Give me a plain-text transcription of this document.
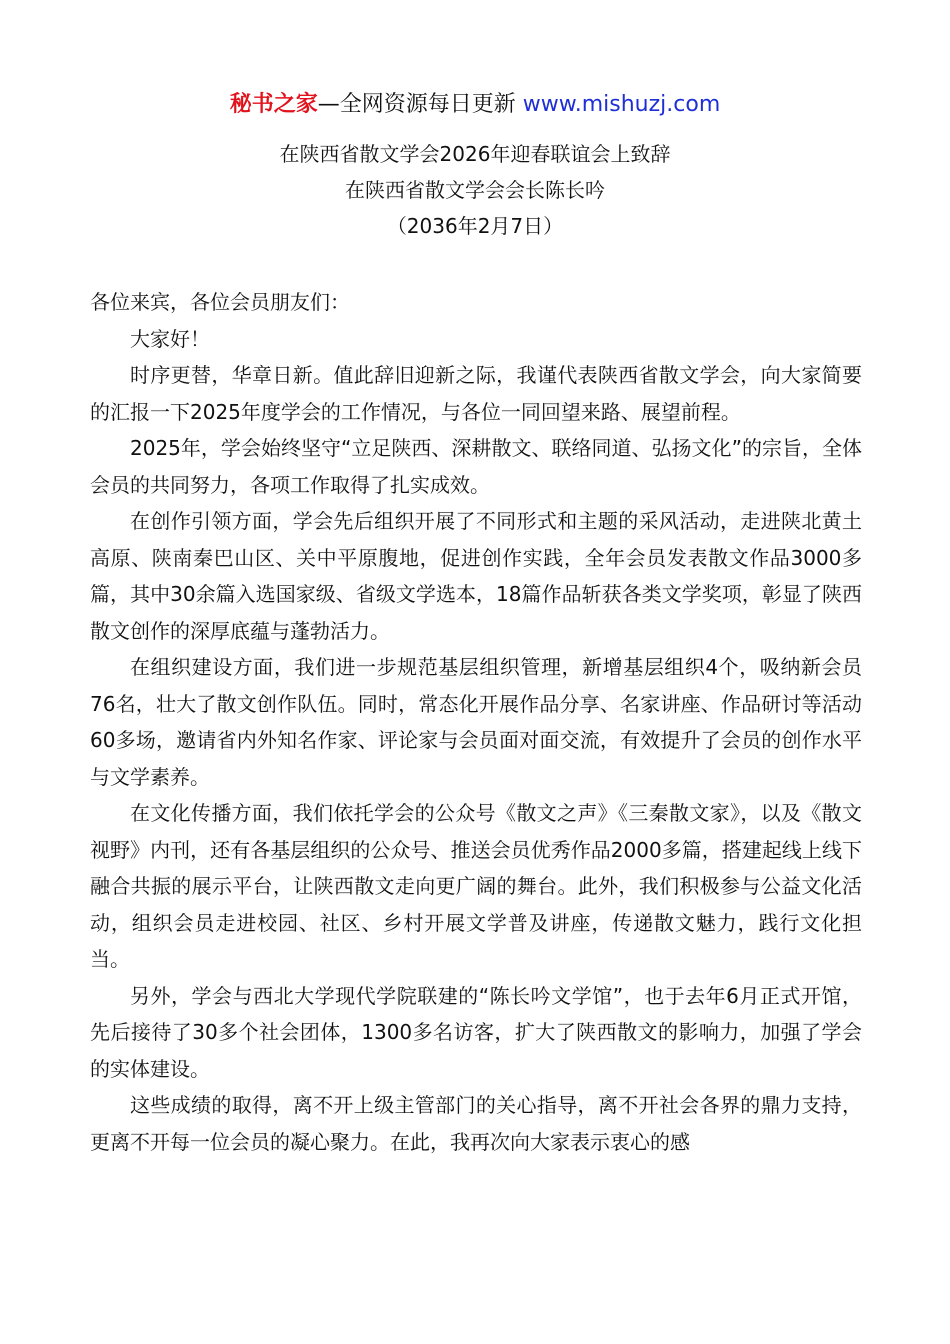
秘书之家—全网资源每日更新 www.mishuzj.com
在陕西省散文学会2026年迎春联谊会上致辞
在陕西省散文学会会长陈长吟
（2036年2月7日）

各位来宾，各位会员朋友们：

大家好！

时序更替，华章日新。值此辞旧迎新之际，我谨代表陕西省散文学会，向大家简要的汇报一下2025年度学会的工作情况，与各位一同回望来路、展望前程。

2025年，学会始终坚守“立足陕西、深耕散文、联络同道、弘扬文化”的宗旨，全体会员的共同努力，各项工作取得了扎实成效。

在创作引领方面，学会先后组织开展了不同形式和主题的采风活动，走进陕北黄土高原、陕南秦巴山区、关中平原腹地，促进创作实践，全年会员发表散文作品3000多篇，其中30余篇入选国家级、省级文学选本，18篇作品斩获各类文学奖项，彰显了陕西散文创作的深厚底蕴与蓬勃活力。

在组织建设方面，我们进一步规范基层组织管理，新增基层组织4个，吸纳新会员76名，壮大了散文创作队伍。同时，常态化开展作品分享、名家讲座、作品研讨等活动60多场，邀请省内外知名作家、评论家与会员面对面交流，有效提升了会员的创作水平与文学素养。

在文化传播方面，我们依托学会的公众号《散文之声》《三秦散文家》，以及《散文视野》内刊，还有各基层组织的公众号、推送会员优秀作品2000多篇，搭建起线上线下融合共振的展示平台，让陕西散文走向更广阔的舞台。此外，我们积极参与公益文化活动，组织会员走进校园、社区、乡村开展文学普及讲座，传递散文魅力，践行文化担当。

另外，学会与西北大学现代学院联建的“陈长吟文学馆”，也于去年6月正式开馆，先后接待了30多个社会团体，1300多名访客，扩大了陕西散文的影响力，加强了学会的实体建设。

这些成绩的取得，离不开上级主管部门的关心指导，离不开社会各界的鼎力支持，更离不开每一位会员的凝心聚力。在此，我再次向大家表示衷心的感
